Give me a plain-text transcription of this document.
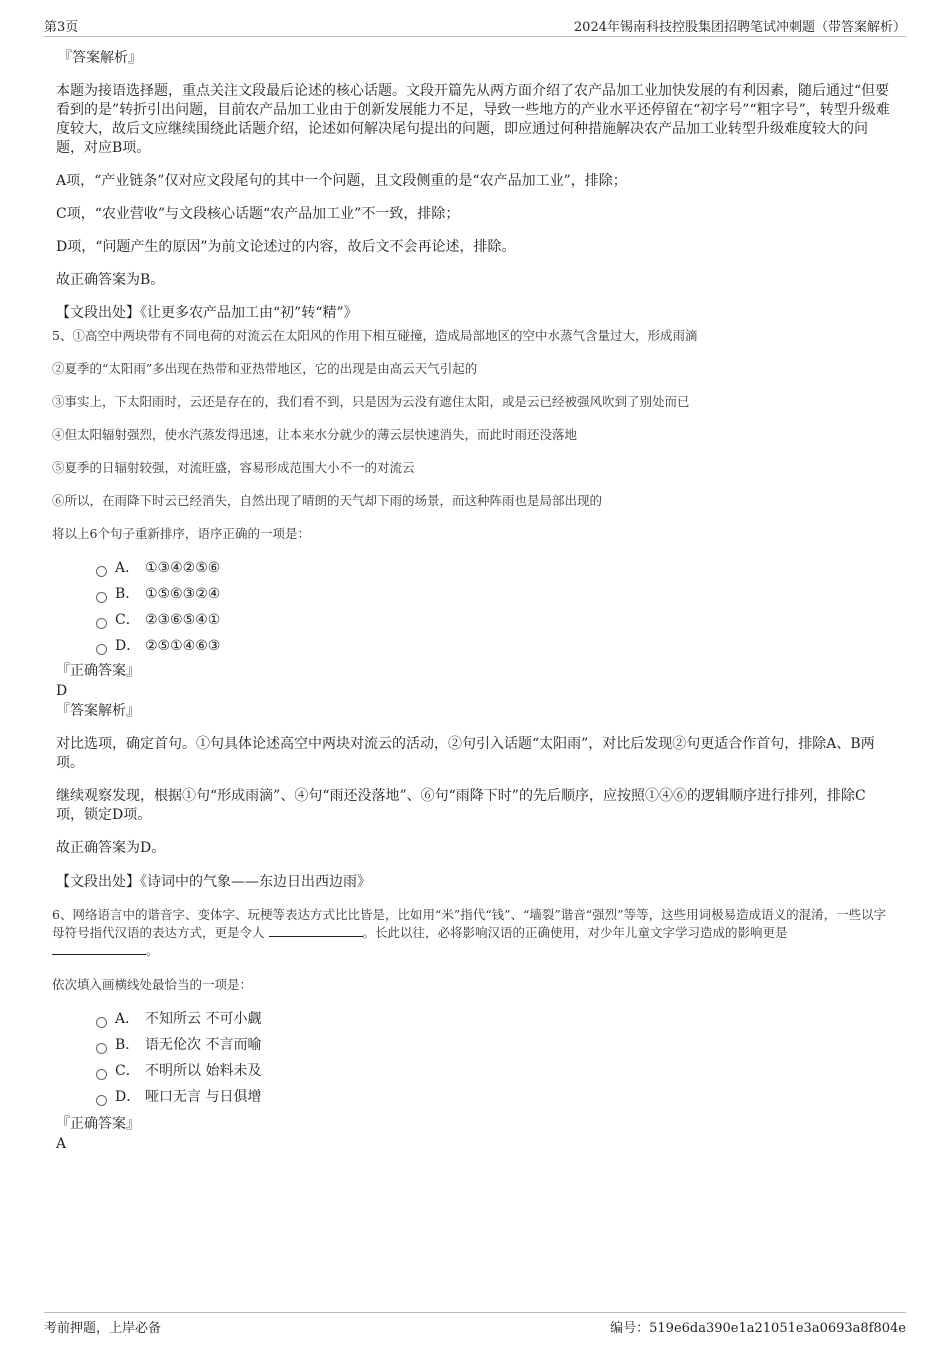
第3页	2024年锡南科技控股集团招聘笔试冲刺题（带答案解析）

『答案解析』

本题为接语选择题，重点关注文段最后论述的核心话题。文段开篇先从两方面介绍了农产品加工业加快发展的有利因素，随后通过“但要看到的是”转折引出问题，目前农产品加工业由于创新发展能力不足，导致一些地方的产业水平还停留在“初字号”“粗字号”，转型升级难度较大，故后文应继续围绕此话题介绍，论述如何解决尾句提出的问题，即应通过何种措施解决农产品加工业转型升级难度较大的问题，对应B项。

A项，“产业链条”仅对应文段尾句的其中一个问题，且文段侧重的是“农产品加工业”，排除；

C项，“农业营收”与文段核心话题“农产品加工业”不一致，排除；

D项，“问题产生的原因”为前文论述过的内容，故后文不会再论述，排除。

故正确答案为B。

【文段出处】《让更多农产品加工由“初”转“精”》

5、①高空中两块带有不同电荷的对流云在太阳风的作用下相互碰撞，造成局部地区的空中水蒸气含量过大，形成雨滴

②夏季的“太阳雨”多出现在热带和亚热带地区，它的出现是由高云天气引起的

③事实上，下太阳雨时，云还是存在的，我们看不到，只是因为云没有遮住太阳，或是云已经被强风吹到了别处而已

④但太阳辐射强烈，使水汽蒸发得迅速，让本来水分就少的薄云层快速消失，而此时雨还没落地

⑤夏季的日辐射较强，对流旺盛，容易形成范围大小不一的对流云

⑥所以，在雨降下时云已经消失，自然出现了晴朗的天气却下雨的场景，而这种阵雨也是局部出现的

将以上6个句子重新排序，语序正确的一项是：

A． ①③④②⑤⑥
B． ①⑤⑥③②④
C． ②③⑥⑤④①
D． ②⑤①④⑥③

『正确答案』

D

『答案解析』

对比选项，确定首句。①句具体论述高空中两块对流云的活动，②句引入话题“太阳雨”，对比后发现②句更适合作首句，排除A、B两项。

继续观察发现，根据①句“形成雨滴”、④句“雨还没落地”、⑥句“雨降下时”的先后顺序，应按照①④⑥的逻辑顺序进行排列，排除C项，锁定D项。

故正确答案为D。

【文段出处】《诗词中的气象——东边日出西边雨》

6、网络语言中的谐音字、变体字、玩梗等表达方式比比皆是，比如用“米”指代“钱”、“墙裂”谐音“强烈”等等，这些用词极易造成语义的混淆，一些以字母符号指代汉语的表达方式，更是令人	。长此以往，必将影响汉语的正确使用，对少年儿童文字学习造成的影响更是
。

依次填入画横线处最恰当的一项是：

A． 不知所云 不可小觑
B． 语无伦次 不言而喻
C． 不明所以 始料未及
D． 哑口无言 与日俱增

『正确答案』

A

考前押题，上岸必备	编号：519e6da390e1a21051e3a0693a8f804e
